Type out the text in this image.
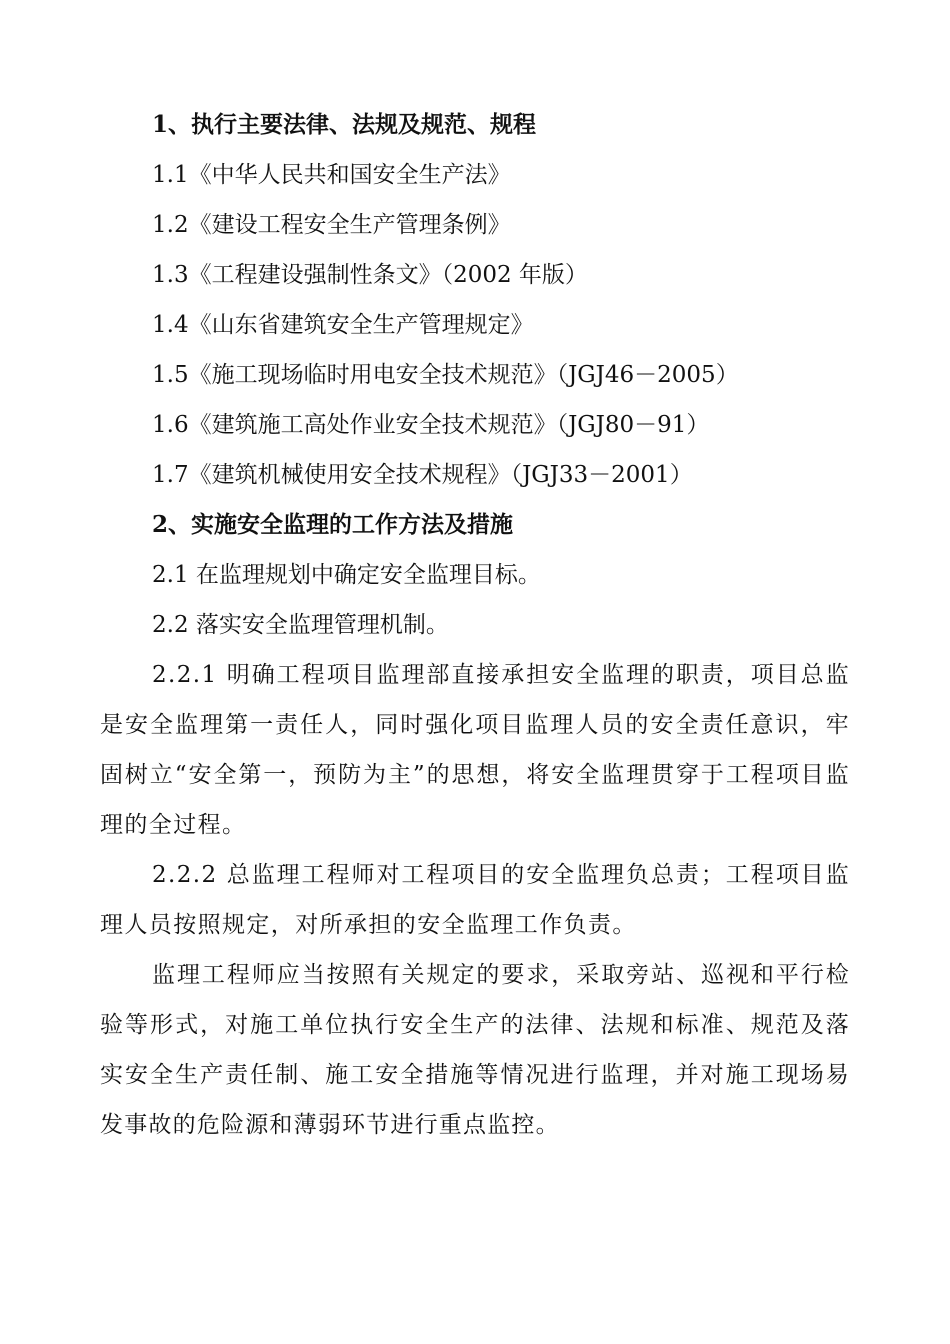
1、执行主要法律、法规及规范、规程

1.1《中华人民共和国安全生产法》

1.2《建设工程安全生产管理条例》

1.3《工程建设强制性条文》（2002 年版）

1.4《山东省建筑安全生产管理规定》

1.5《施工现场临时用电安全技术规范》（JGJ46－2005）

1.6《建筑施工高处作业安全技术规范》（JGJ80－91）

1.7《建筑机械使用安全技术规程》（JGJ33－2001）

2、实施安全监理的工作方法及措施

2.1 在监理规划中确定安全监理目标。

2.2 落实安全监理管理机制。

2.2.1 明确工程项目监理部直接承担安全监理的职责，项目总监是安全监理第一责任人，同时强化项目监理人员的安全责任意识，牢固树立“安全第一，预防为主”的思想，将安全监理贯穿于工程项目监理的全过程。

2.2.2 总监理工程师对工程项目的安全监理负总责；工程项目监理人员按照规定，对所承担的安全监理工作负责。

监理工程师应当按照有关规定的要求，采取旁站、巡视和平行检验等形式，对施工单位执行安全生产的法律、法规和标准、规范及落实安全生产责任制、施工安全措施等情况进行监理，并对施工现场易发事故的危险源和薄弱环节进行重点监控。
